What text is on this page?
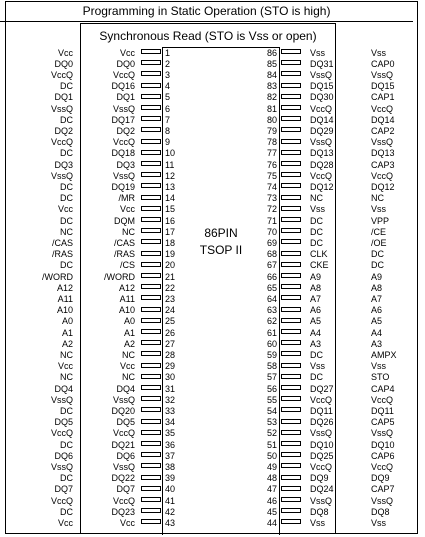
Programming in Static Operation (STO is high)
Synchronous Read (STO is Vss or open)
86PIN
TSOP II
Vcc	Vcc	1
DQ0	DQ0	2
VccQ	VccQ	3
DC	DQ16	4
DQ1	DQ1	5
VssQ	VssQ	6
DC	DQ17	7
DQ2	DQ2	8
VccQ	VccQ	9
DC	DQ18	10
DQ3	DQ3	11
VssQ	VssQ	12
DC	DQ19	13
DC	/MR	14
Vcc	Vcc	15
DC	DQM	16
NC	NC	17
/CAS	/CAS	18
/RAS	/RAS	19
DC	/CS	20
/WORD	/WORD	21
A12	A12	22
A11	A11	23
A10	A10	24
A0	A0	25
A1	A1	26
A2	A2	27
NC	NC	28
Vcc	Vcc	29
NC	NC	30
DQ4	DQ4	31
VssQ	VssQ	32
DC	DQ20	33
DQ5	DQ5	34
VccQ	VccQ	35
DC	DQ21	36
DQ6	DQ6	37
VssQ	VssQ	38
DC	DQ22	39
DQ7	DQ7	40
VccQ	VccQ	41
DC	DQ23	42
Vcc	Vcc	43
86	Vss	Vss
85	DQ31	CAP0
84	VssQ	VssQ
83	DQ15	DQ15
82	DQ30	CAP1
81	VccQ	VccQ
80	DQ14	DQ14
79	DQ29	CAP2
78	VssQ	VssQ
77	DQ13	DQ13
76	DQ28	CAP3
75	VccQ	VccQ
74	DQ12	DQ12
73	NC	NC
72	Vss	Vss
71	DC	VPP
70	DC	/CE
69	DC	/OE
68	CLK	DC
67	CKE	DC
66	A9	A9
65	A8	A8
64	A7	A7
63	A6	A6
62	A5	A5
61	A4	A4
60	A3	A3
59	DC	AMPX
58	Vss	Vss
57	DC	STO
56	DQ27	CAP4
55	VccQ	VccQ
54	DQ11	DQ11
53	DQ26	CAP5
52	VssQ	VssQ
51	DQ10	DQ10
50	DQ25	CAP6
49	VccQ	VccQ
48	DQ9	DQ9
47	DQ24	CAP7
46	VssQ	VssQ
45	DQ8	DQ8
44	Vss	Vss
